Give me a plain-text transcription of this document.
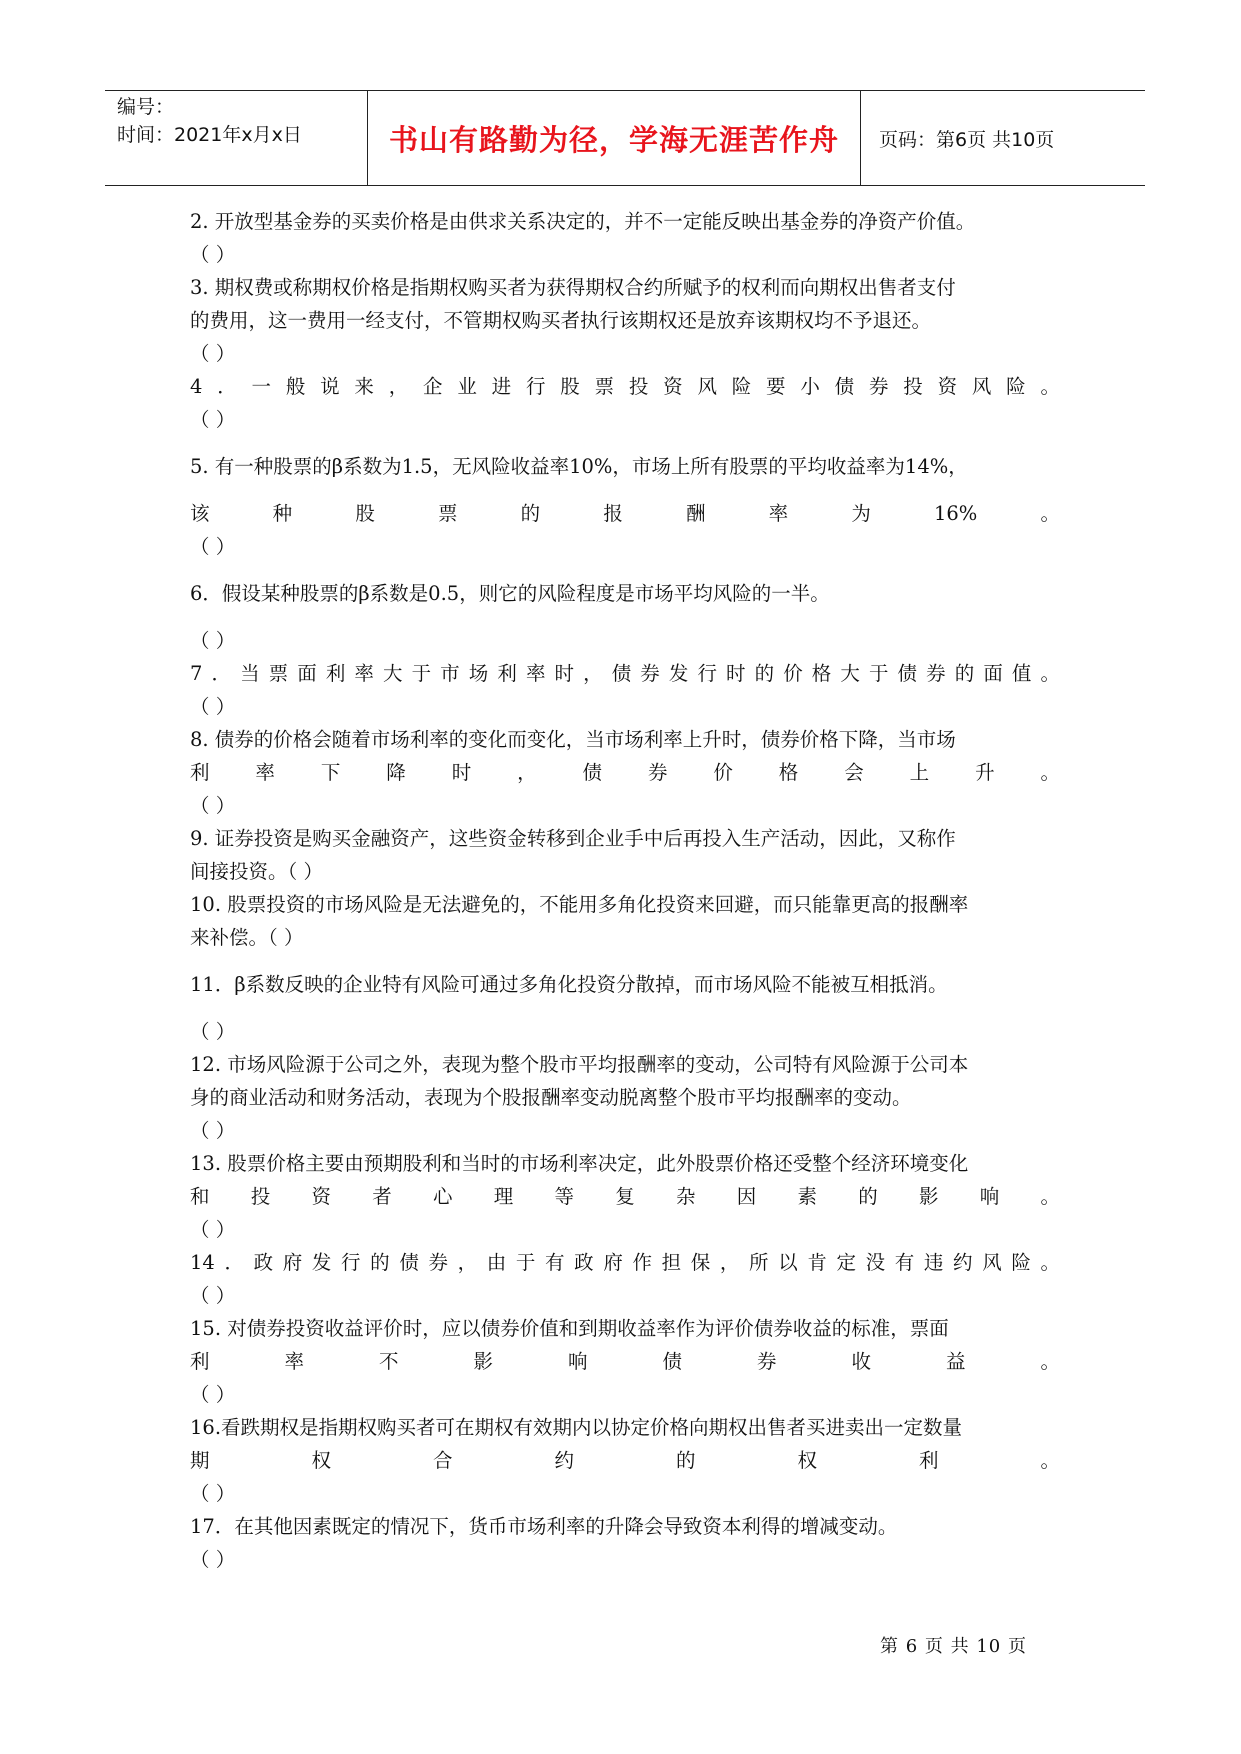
编号：
时间：2021年x月x日	书山有路勤为径，学海无涯苦作舟	页码：第6页 共10页

2. 开放型基金券的买卖价格是由供求关系决定的，并不一定能反映出基金券的净资产价值。

（ ）

3. 期权费或称期权价格是指期权购买者为获得期权合约所赋予的权利而向期权出售者支付

的费用，这一费用一经支付，不管期权购买者执行该期权还是放弃该期权均不予退还。

（ ）

4．一般说来，企业进行股票投资风险要小债券投资风险。

（ ）

5. 有一种股票的β系数为1.5，无风险收益率10%，市场上所有股票的平均收益率为14%，

该种股票的报酬率为16%。

（ ）

6．假设某种股票的β系数是0.5，则它的风险程度是市场平均风险的一半。

（ ）

7．当票面利率大于市场利率时，债券发行时的价格大于债券的面值。

（ ）

8. 债券的价格会随着市场利率的变化而变化，当市场利率上升时，债券价格下降，当市场

利率下降时，债券价格会上升。

（ ）

9. 证券投资是购买金融资产，这些资金转移到企业手中后再投入生产活动，因此，又称作

间接投资。（ ）

10. 股票投资的市场风险是无法避免的，不能用多角化投资来回避，而只能靠更高的报酬率

来补偿。（ ）

11．β系数反映的企业特有风险可通过多角化投资分散掉，而市场风险不能被互相抵消。

（ ）

12. 市场风险源于公司之外，表现为整个股市平均报酬率的变动，公司特有风险源于公司本

身的商业活动和财务活动，表现为个股报酬率变动脱离整个股市平均报酬率的变动。

（ ）

13. 股票价格主要由预期股利和当时的市场利率决定，此外股票价格还受整个经济环境变化

和投资者心理等复杂因素的影响。

（ ）

14．政府发行的债券，由于有政府作担保，所以肯定没有违约风险。

（ ）

15. 对债券投资收益评价时，应以债券价值和到期收益率作为评价债券收益的标准，票面

利率不影响债券收益。

（ ）

16.看跌期权是指期权购买者可在期权有效期内以协定价格向期权出售者买进卖出一定数量

期权合约的权利。

（ ）

17．在其他因素既定的情况下，货币市场利率的升降会导致资本利得的增减变动。

（ ）

第 6 页 共 10 页
